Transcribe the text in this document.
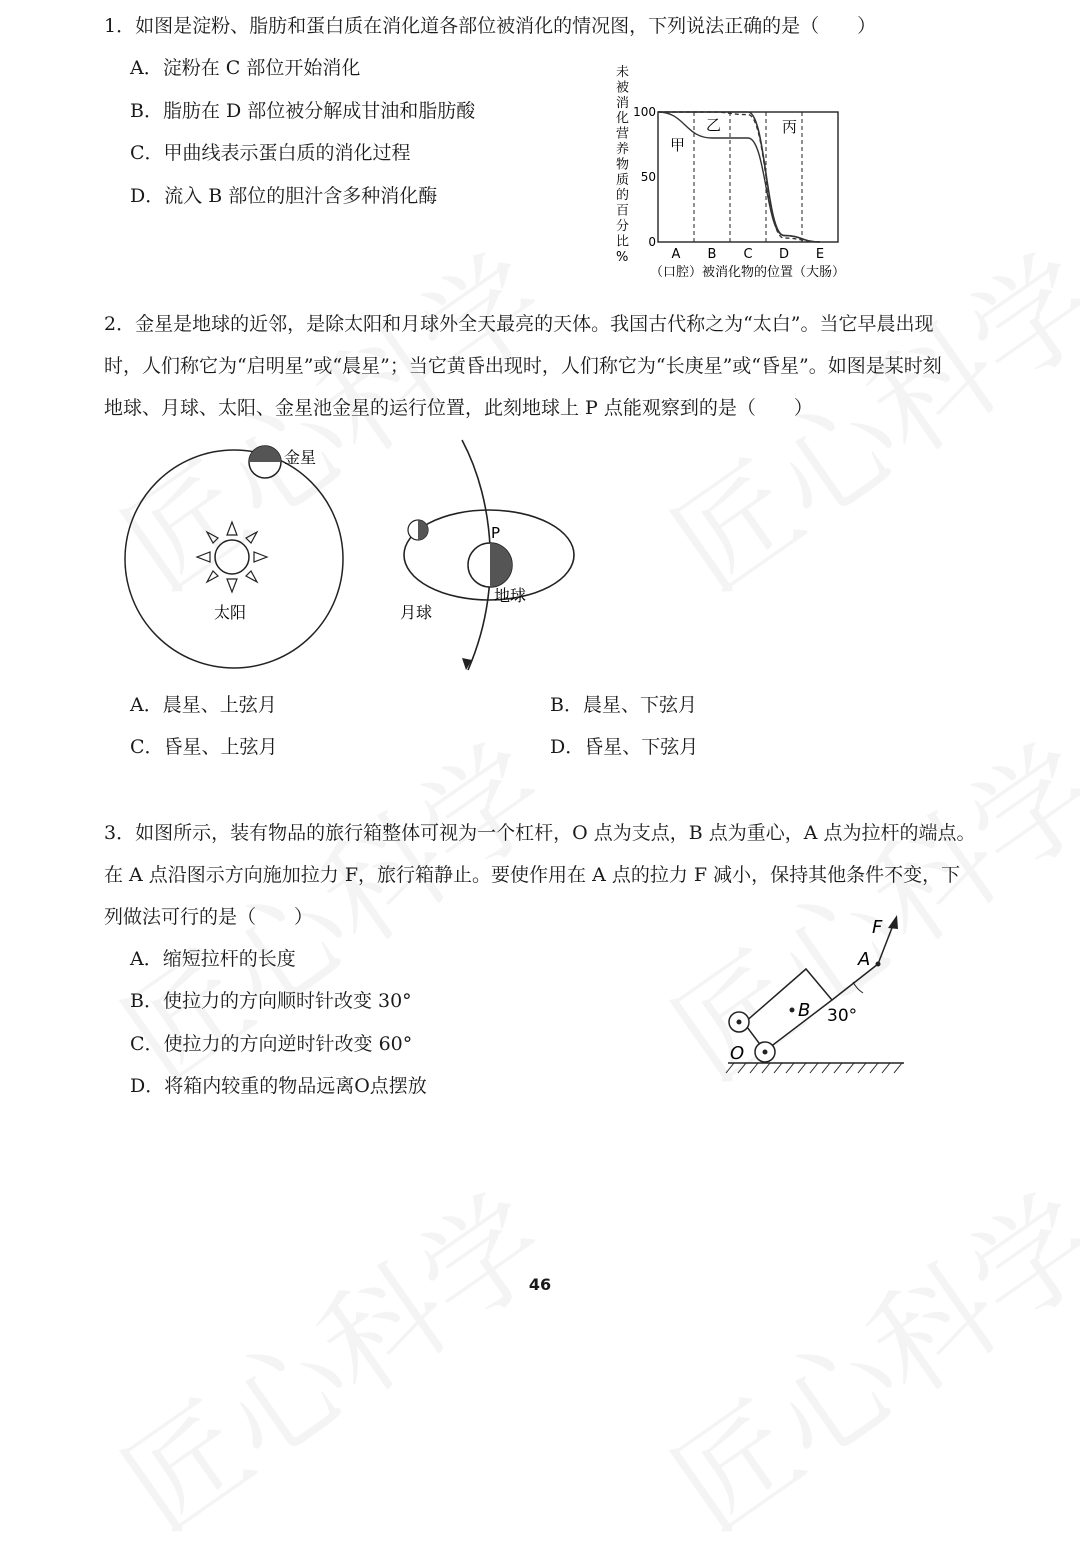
1．如图是淀粉、脂肪和蛋白质在消化道各部位被消化的情况图，下列说法正确的是（　　）
A．淀粉在 C 部位开始消化
B．脂肪在 D 部位被分解成甘油和脂肪酸
C．甲曲线表示蛋白质的消化过程
D．流入 B 部位的胆汁含多种消化酶
未
被
消
化
营
养
物
质
的
百
分
比
%
100
50
0
A B C D E
甲
乙	丙
（口腔）被消化物的位置（大肠）
2．金星是地球的近邻，是除太阳和月球外全天最亮的天体。我国古代称之为“太白”。当它早晨出现
时，人们称它为“启明星”或“晨星”；当它黄昏出现时，人们称它为“长庚星”或“昏星”。如图是某时刻
地球、月球、太阳、金星池金星的运行位置，此刻地球上 P 点能观察到的是（　　）
太阳
金星
月球
P
地球
A．晨星、上弦月	B．晨星、下弦月
C．昏星、上弦月	D．昏星、下弦月
3．如图所示，装有物品的旅行箱整体可视为一个杠杆，O 点为支点，B 点为重心，A 点为拉杆的端点。
在 A 点沿图示方向施加拉力 F，旅行箱静止。要使作用在 A 点的拉力 F 减小，保持其他条件不变，下
列做法可行的是（　　）
A．缩短拉杆的长度
B．使拉力的方向顺时针改变 30°
C．使拉力的方向逆时针改变 60°
D．将箱内较重的物品远离O点摆放
F
A
B
O
30°
46
